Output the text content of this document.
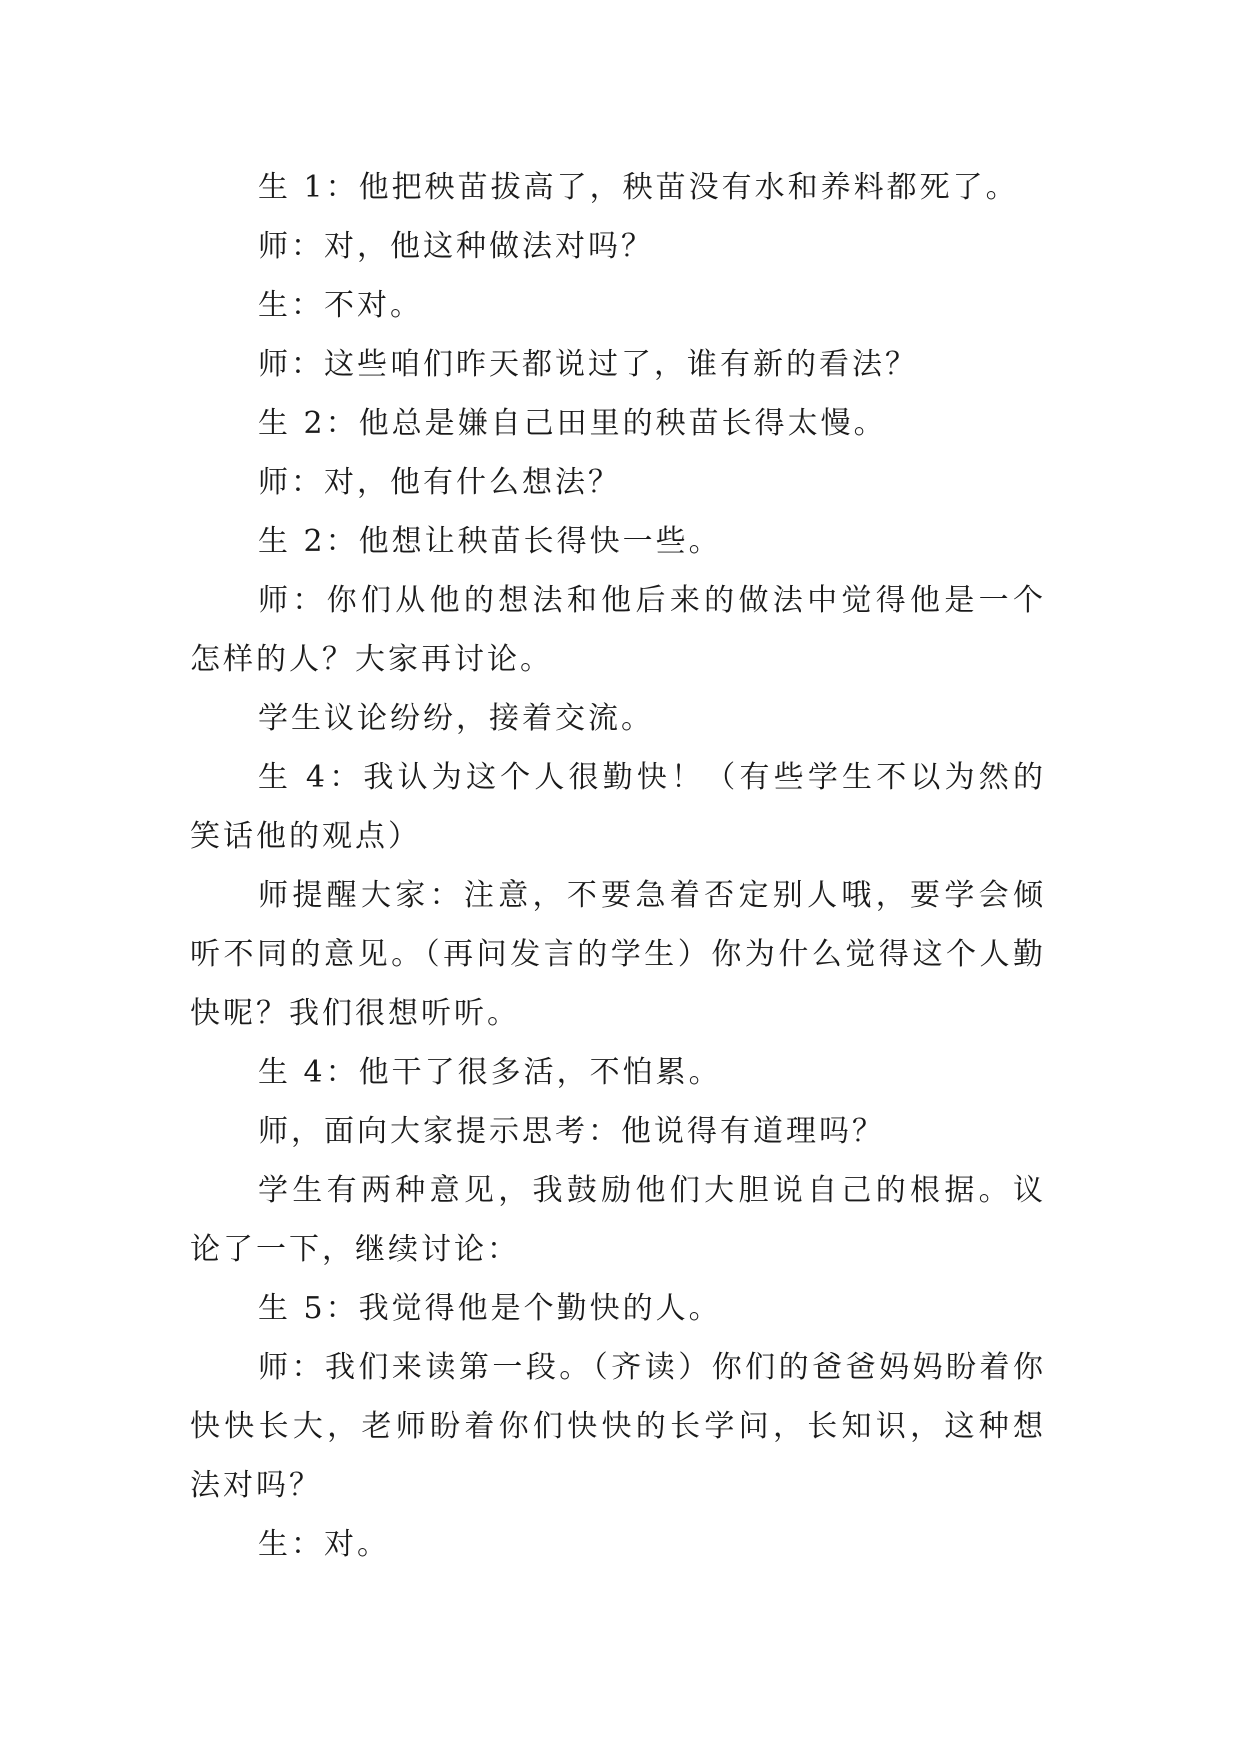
生 1：他把秧苗拔高了，秧苗没有水和养料都死了。

师：对，他这种做法对吗？

生：不对。

师：这些咱们昨天都说过了，谁有新的看法？

生 2：他总是嫌自己田里的秧苗长得太慢。

师：对，他有什么想法？

生 2：他想让秧苗长得快一些。

师：你们从他的想法和他后来的做法中觉得他是一个怎样的人？大家再讨论。

学生议论纷纷，接着交流。

生 4：我认为这个人很勤快！（有些学生不以为然的笑话他的观点）

师提醒大家：注意，不要急着否定别人哦，要学会倾听不同的意见。（再问发言的学生）你为什么觉得这个人勤快呢？我们很想听听。

生 4：他干了很多活，不怕累。

师，面向大家提示思考：他说得有道理吗？

学生有两种意见，我鼓励他们大胆说自己的根据。议论了一下，继续讨论：

生 5：我觉得他是个勤快的人。

师：我们来读第一段。（齐读）你们的爸爸妈妈盼着你快快长大，老师盼着你们快快的长学问，长知识，这种想法对吗？

生：对。
